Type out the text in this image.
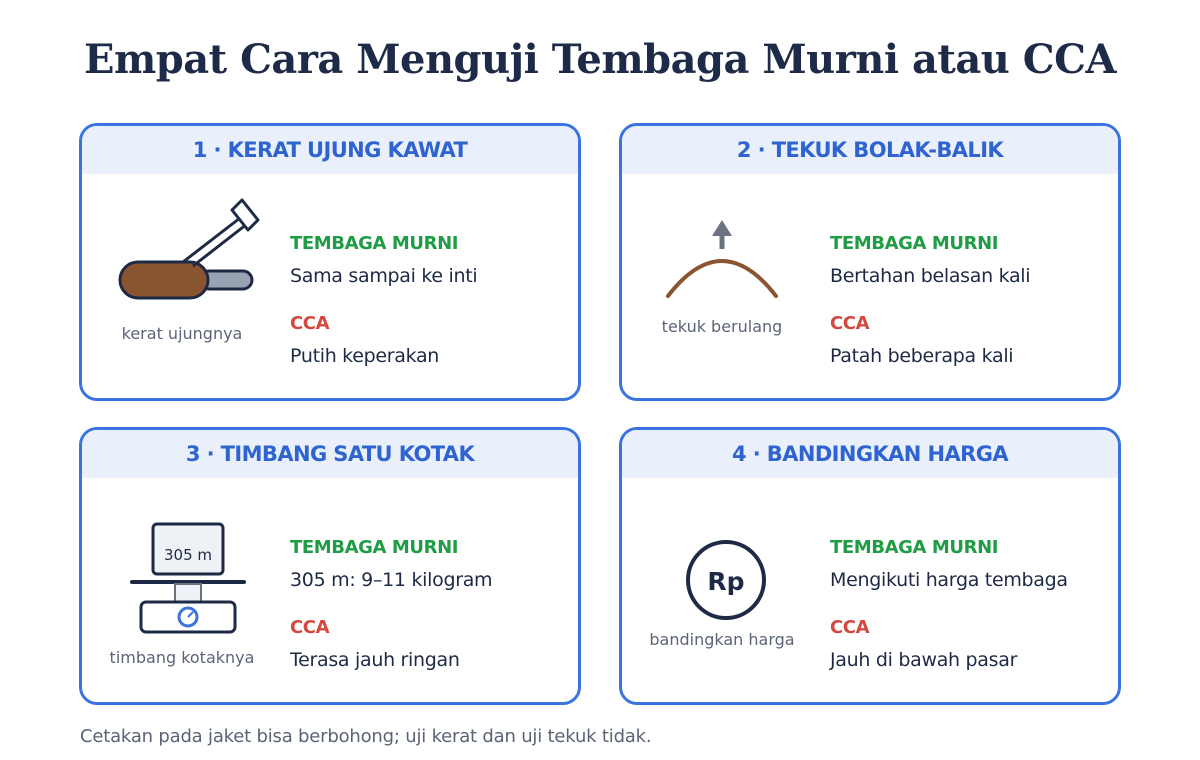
Empat Cara Menguji Tembaga Murni atau CCA
1 · KERAT UJUNG KAWAT
kerat ujungnya
TEMBAGA MURNI
Sama sampai ke inti
CCA
Putih keperakan
2 · TEKUK BOLAK-BALIK
tekuk berulang
TEMBAGA MURNI
Bertahan belasan kali
CCA
Patah beberapa kali
3 · TIMBANG SATU KOTAK
305 m
timbang kotaknya
TEMBAGA MURNI
305 m: 9–11 kilogram
CCA
Terasa jauh ringan
4 · BANDINGKAN HARGA
Rp
bandingkan harga
TEMBAGA MURNI
Mengikuti harga tembaga
CCA
Jauh di bawah pasar
Cetakan pada jaket bisa berbohong; uji kerat dan uji tekuk tidak.
